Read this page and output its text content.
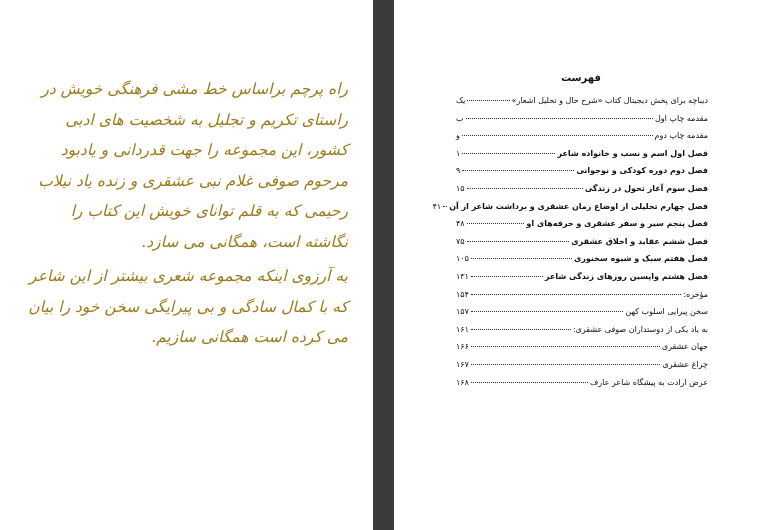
راه پرچم براساس خط مشی فرهنگی خویش در راستای تکریم و تجلیل به شخصیت های ادبی کشور، این مجموعه را جهت قدردانی و یادبود مرحوم صوفی غلام نبی عشقری و زنده یاد نیلاب رحیمی که به قلم توانای خویش این کتاب را نگاشته است، همگانی می سازد.

به آرزوی اینکه مجموعه شعری بیشتر از این شاعر که با کمال سادگی و بی پیرایگی سخن خود را بیان می کرده است همگانی سازیم.

فهرست
دیباچه برای پخش دیجیتال کتاب «شرح حال و تحلیل اشعار»
یک
مقدمه چاپ اول
ب
مقدمه چاپ دوم
و
فصل اول اسم و نسب و خانواده شاعر
۱
فصل دوم دوره کودکی و نوجوانی
۹
فصل سوم آغاز تحول در زندگی
۱۵
فصل چهارم تحلیلی از اوضاع زمان عشقری و برداشت شاعر از آن
۴۱
فصل پنجم سیر و سفر عشقری و حرفه‌های او
۴۸
فصل ششم عقاید و اخلاق عشقری
۷۵
فصل هفتم سبک و شیوه سخنوری
۱۰۵
فصل هشتم واپسین روزهای زندگی شاعر
۱۳۱
مؤخره:
۱۵۴
سخن پیرایی اسلوب کهن
۱۵۷
به یاد یکی از دوستداران صوفی عشقری:
۱۶۱
جهان عشقری
۱۶۶
چراغ عشقری
۱۶۷
عرض ارادت به پیشگاه شاعر عارف
۱۶۸
